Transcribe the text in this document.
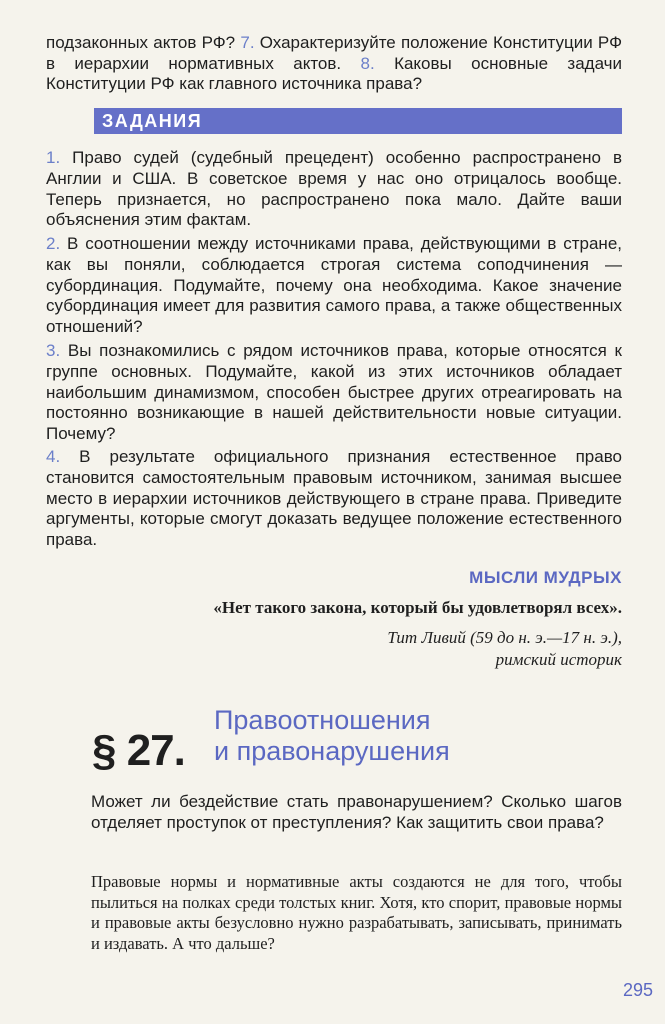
подзаконных актов РФ? 7. Охарактеризуйте положение Конституции РФ в иерархии нормативных актов. 8. Каковы основные задачи Конституции РФ как главного источника права?

ЗАДАНИЯ

1. Право судей (судебный прецедент) особенно распространено в Англии и США. В советское время у нас оно отрицалось вообще. Теперь признается, но распространено пока мало. Дайте ваши объяснения этим фактам.

2. В соотношении между источниками права, действующими в стране, как вы поняли, соблюдается строгая система соподчинения — субординация. Подумайте, почему она необходима. Какое значение субординация имеет для развития самого права, а также общественных отношений?

3. Вы познакомились с рядом источников права, которые относятся к группе основных. Подумайте, какой из этих источников обладает наибольшим динамизмом, способен быстрее других отреагировать на постоянно возникающие в нашей действительности новые ситуации. Почему?

4. В результате официального признания естественное право становится самостоятельным правовым источником, занимая высшее место в иерархии источников действующего в стране права. Приведите аргументы, которые смогут доказать ведущее положение естественного права.

МЫСЛИ МУДРЫХ
«Нет такого закона, который бы удовлетворял всех».
Тит Ливий (59 до н. э.—17 н. э.),
римский историк
§ 27.
Правоотношения
и правонарушения

Может ли бездействие стать правонарушением? Сколько шагов отделяет проступок от преступления? Как защитить свои права?

Правовые нормы и нормативные акты создаются не для того, чтобы пылиться на полках среди толстых книг. Хотя, кто спорит, правовые нормы и правовые акты безусловно нужно разрабатывать, записывать, принимать и издавать. А что дальше?

295
